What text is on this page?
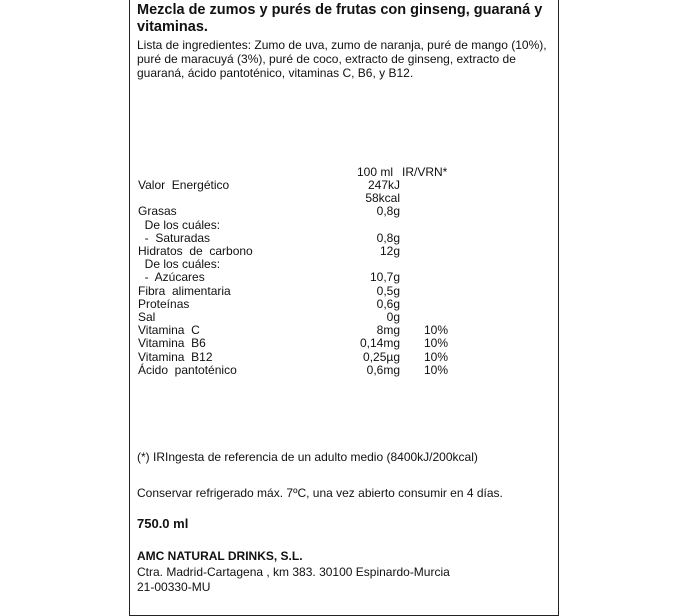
Mezcla de zumos y purés de frutas con ginseng, guaraná y vitaminas.

Lista de ingredientes: Zumo de uva, zumo de naranja, puré de mango (10%), puré de maracuyá (3%), puré de coco, extracto de ginseng, extracto de guaraná, ácido pantoténico, vitaminas C, B6, y B12.

100 ml IR/VRN*
Valor  Energético	247kJ
58kcal
Grasas	0,8g
De los cuáles:
-  Saturadas	0,8g
Hidratos  de  carbono	12g
De los cuáles:
-  Azúcares	10,7g
Fibra  alimentaria	0,5g
Proteínas	0,6g
Sal	0g
Vitamina  C	8mg 10%
Vitamina  B6	0,14mg 10%
Vitamina  B12	0,25µg 10%
Ácido  pantoténico	0,6mg 10%

(*) IRIngesta de referencia de un adulto medio (8400kJ/200kcal)

Conservar refrigerado máx. 7ºC, una vez abierto consumir en 4 días.

750.0 ml

AMC NATURAL DRINKS, S.L.

Ctra. Madrid-Cartagena , km 383. 30100 Espinardo-Murcia

21-00330-MU
